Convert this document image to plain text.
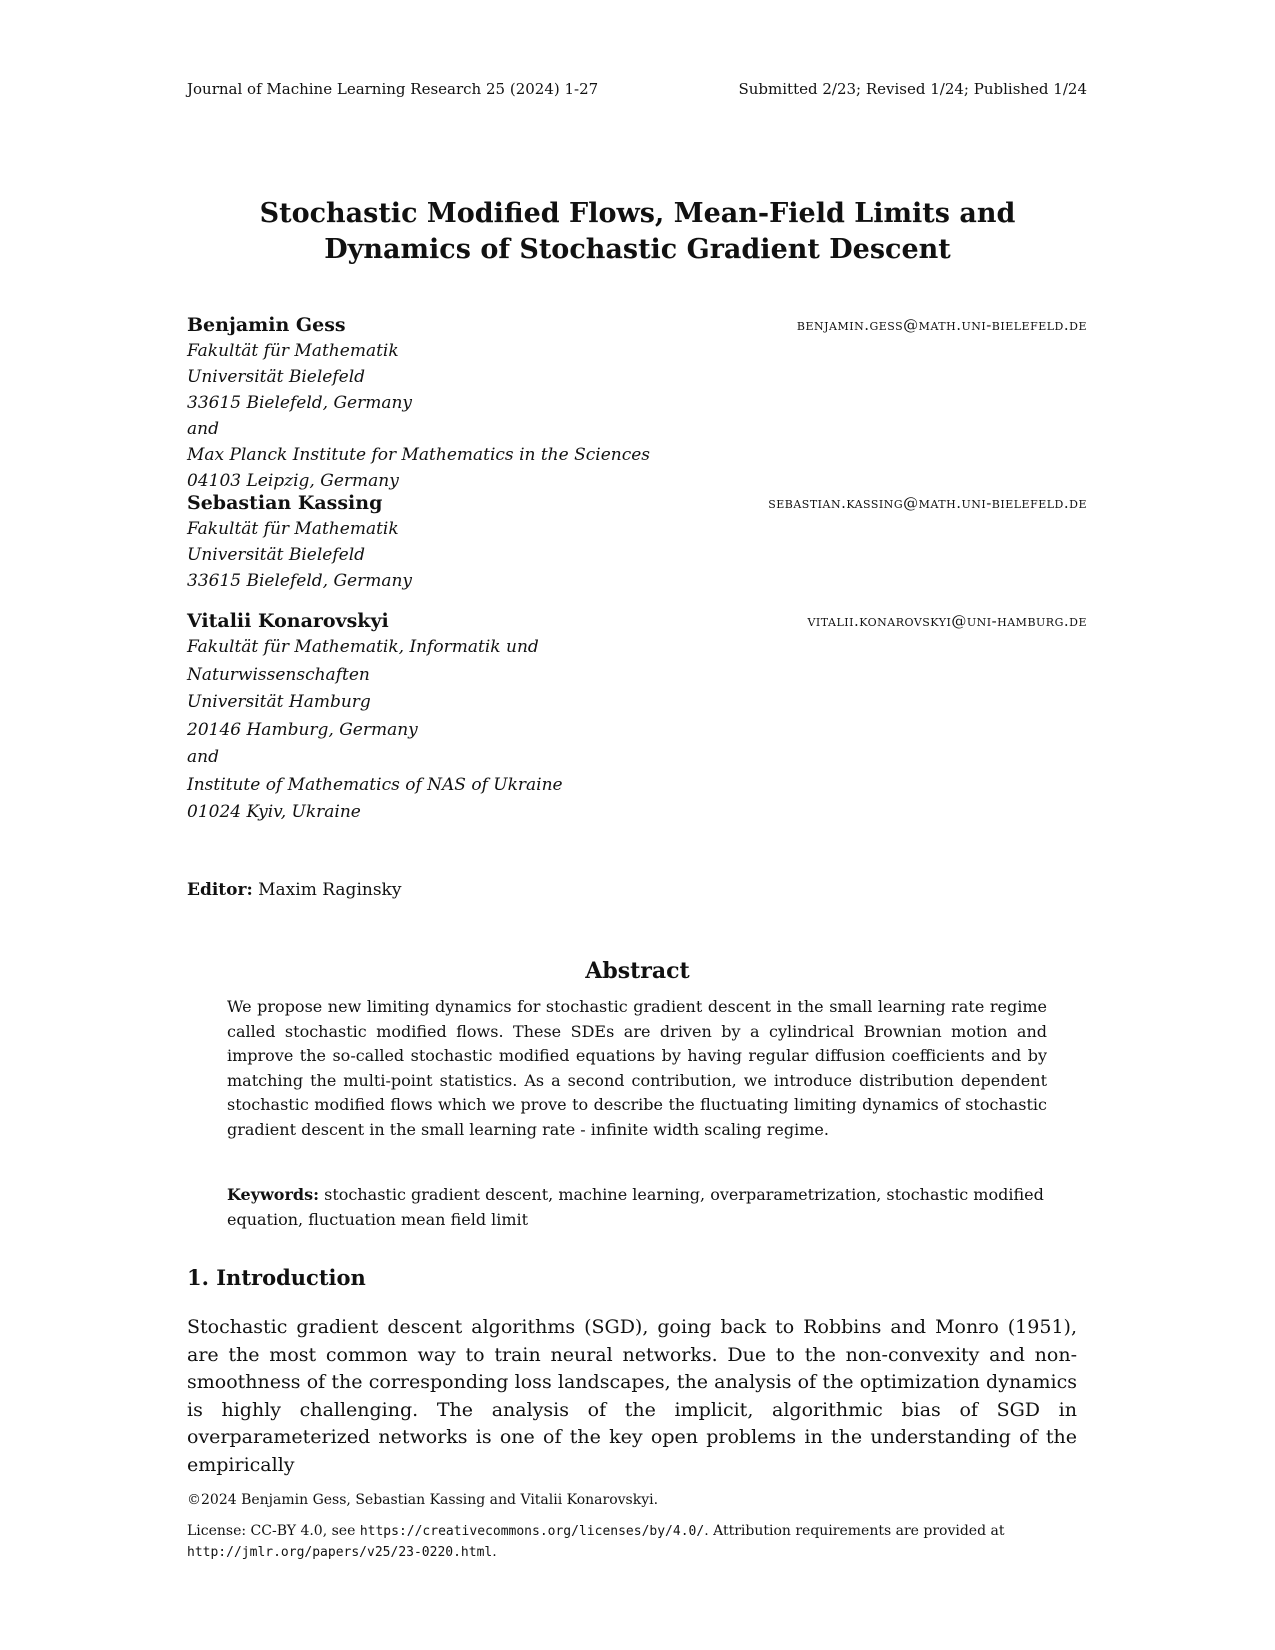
Journal of Machine Learning Research 25 (2024) 1-27	Submitted 2/23; Revised 1/24; Published 1/24
Stochastic Modified Flows, Mean-Field Limits and
Dynamics of Stochastic Gradient Descent
Benjamin Gess	benjamin.gess@math.uni-bielefeld.de
Fakultät für Mathematik
Universität Bielefeld
33615 Bielefeld, Germany
and
Max Planck Institute for Mathematics in the Sciences
04103 Leipzig, Germany
Sebastian Kassing	sebastian.kassing@math.uni-bielefeld.de
Fakultät für Mathematik
Universität Bielefeld
33615 Bielefeld, Germany
Vitalii Konarovskyi	vitalii.konarovskyi@uni-hamburg.de
Fakultät für Mathematik, Informatik und
Naturwissenschaften
Universität Hamburg
20146 Hamburg, Germany
and
Institute of Mathematics of NAS of Ukraine
01024 Kyiv, Ukraine
Editor: Maxim Raginsky
Abstract
We propose new limiting dynamics for stochastic gradient descent in the small learning rate regime called stochastic modified flows. These SDEs are driven by a cylindrical Brownian motion and improve the so-called stochastic modified equations by having regular diffusion coefficients and by matching the multi-point statistics. As a second contribution, we introduce distribution dependent stochastic modified flows which we prove to describe the fluctuating limiting dynamics of stochastic gradient descent in the small learning rate - infinite width scaling regime.
Keywords: stochastic gradient descent, machine learning, overparametrization, stochastic modified equation, fluctuation mean field limit
1. Introduction
Stochastic gradient descent algorithms (SGD), going back to Robbins and Monro (1951), are the most common way to train neural networks. Due to the non-convexity and non-smoothness of the corresponding loss landscapes, the analysis of the optimization dynamics is highly challenging. The analysis of the implicit, algorithmic bias of SGD in overparameterized networks is one of the key open problems in the understanding of the empirically
©2024 Benjamin Gess, Sebastian Kassing and Vitalii Konarovskyi.
License: CC-BY 4.0, see https://creativecommons.org/licenses/by/4.0/. Attribution requirements are provided at http://jmlr.org/papers/v25/23-0220.html.
